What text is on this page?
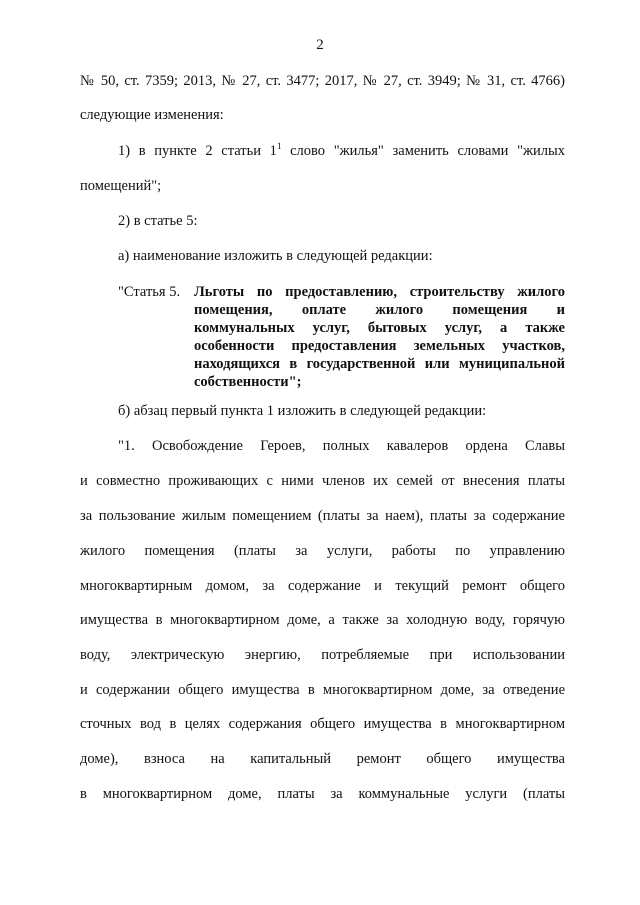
2
№ 50, ст. 7359; 2013, № 27, ст. 3477; 2017, № 27, ст. 3949; № 31, ст. 4766)
следующие изменения:
1) в пункте 2 статьи $1^1$ слово "жилья" заменить словами "жилых
помещений";
2) в статье 5:
а) наименование изложить в следующей редакции:
"Статья 5. Льготы по предоставлению, строительству жилого
помещения, оплате жилого помещения и
коммунальных услуг, бытовых услуг, а также
особенности предоставления земельных участков,
находящихся в государственной или муниципальной
собственности";
б) абзац первый пункта 1 изложить в следующей редакции:
"1. Освобождение Героев, полных кавалеров ордена Славы
и совместно проживающих с ними членов их семей от внесения платы
за пользование жилым помещением (платы за наем), платы за содержание
жилого помещения (платы за услуги, работы по управлению
многоквартирным домом, за содержание и текущий ремонт общего
имущества в многоквартирном доме, а также за холодную воду, горячую
воду, электрическую энергию, потребляемые при использовании
и содержании общего имущества в многоквартирном доме, за отведение
сточных вод в целях содержания общего имущества в многоквартирном
доме), взноса на капитальный ремонт общего имущества
в многоквартирном доме, платы за коммунальные услуги (платы
